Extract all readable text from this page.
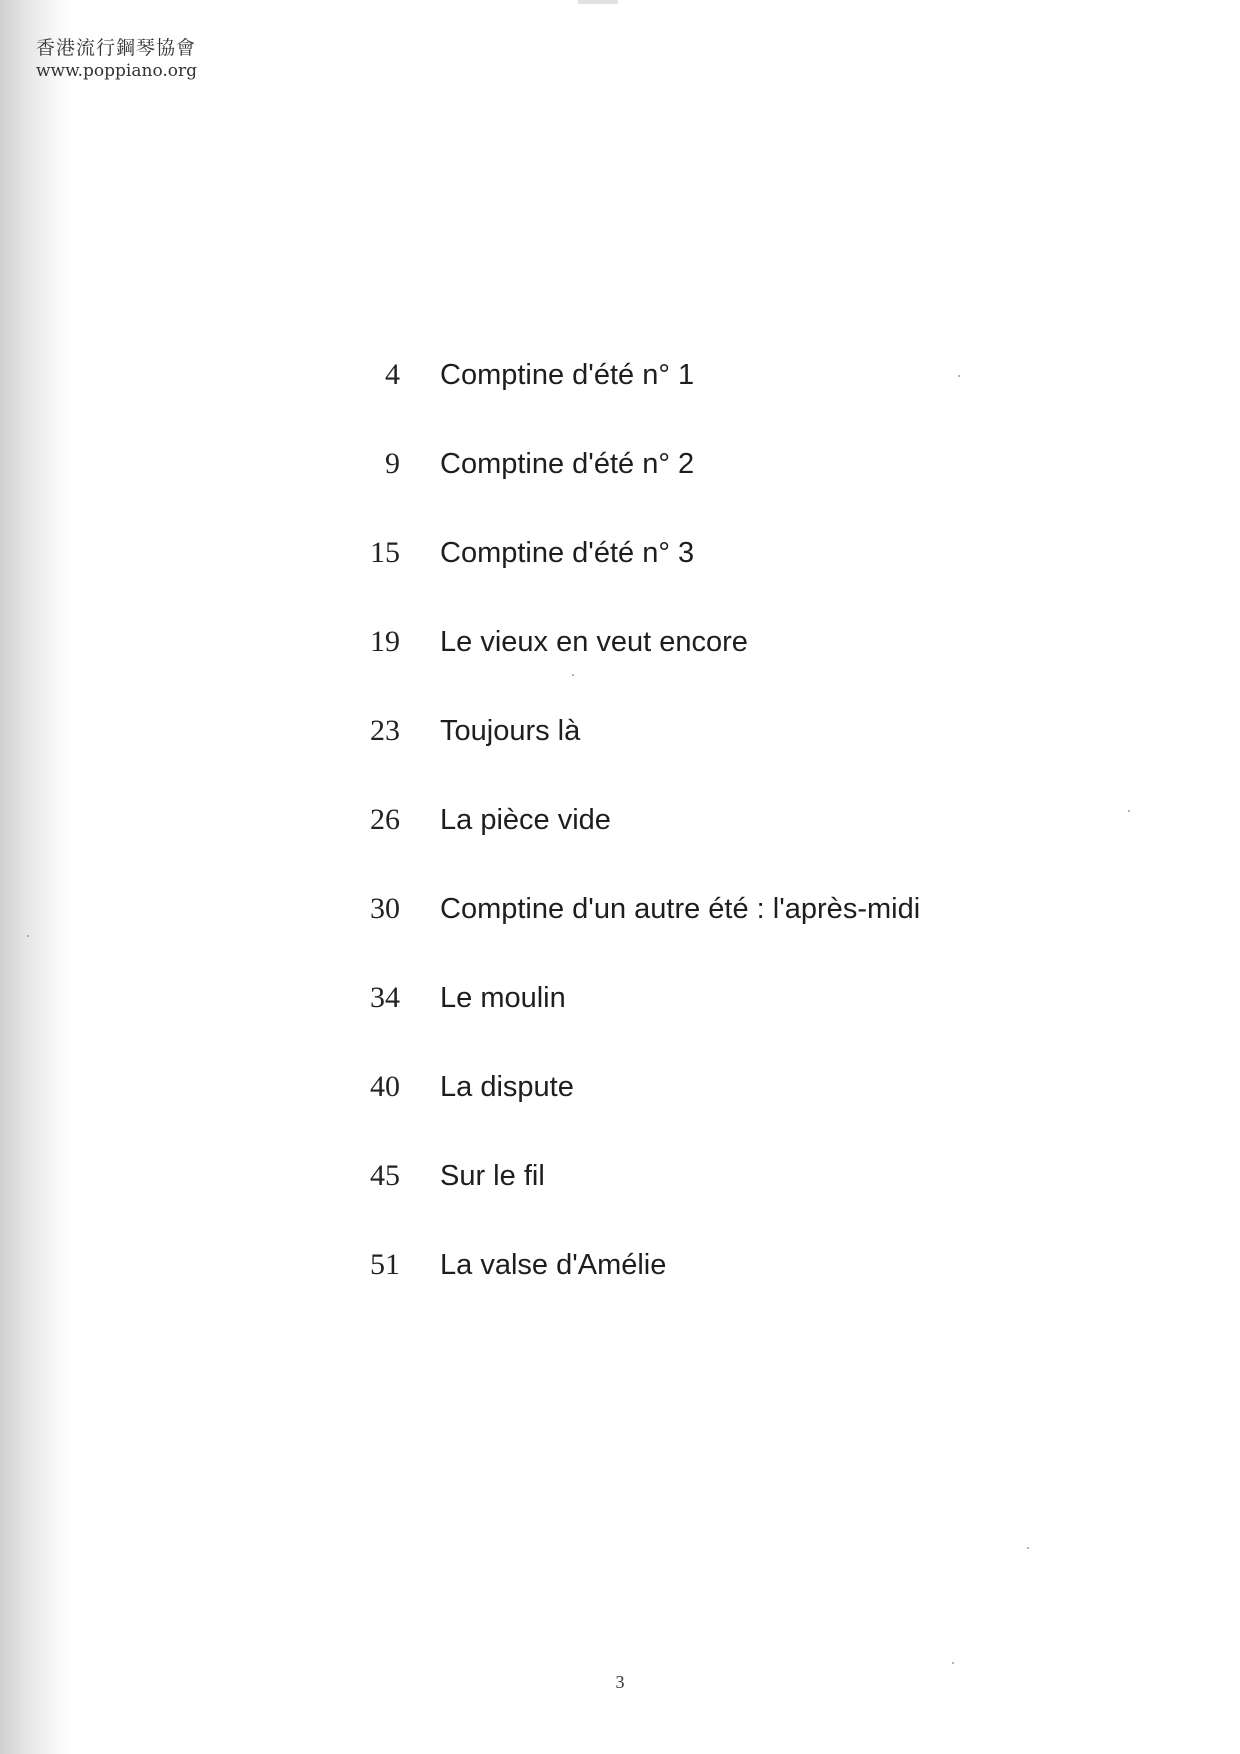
香港流行鋼琴協會
www.poppiano.org
4 Comptine d'été n° 1
9 Comptine d'été n° 2
15 Comptine d'été n° 3
19 Le vieux en veut encore
23 Toujours là
26 La pièce vide
30 Comptine d'un autre été : l'après-midi
34 Le moulin
40 La dispute
45 Sur le fil
51 La valse d'Amélie
3
